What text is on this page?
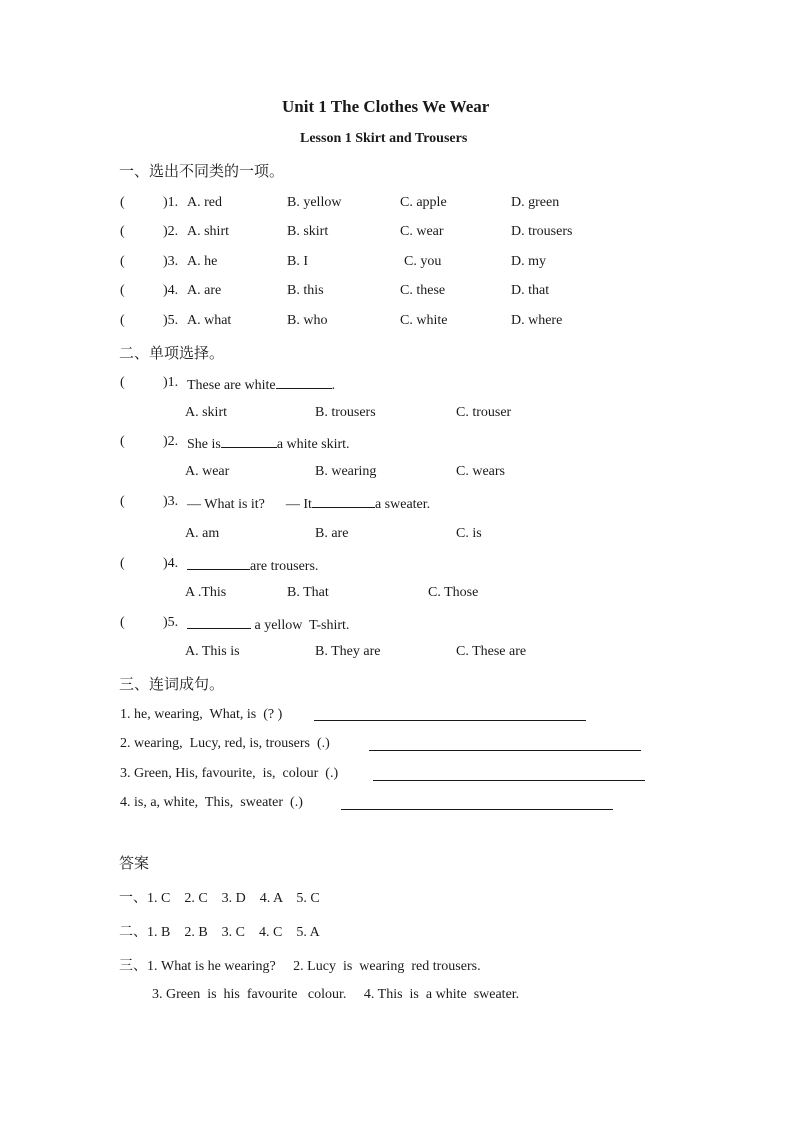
Unit 1 The Clothes We Wear
Lesson 1 Skirt and Trousers
一、选出不同类的一项。
(	)1. A. red	B. yellow	C. apple	D. green
(	)2. A. shirt	B. skirt	C. wear	D. trousers
(	)3. A. he	B. I	C. you	D. my
(	)4. A. are	B. this	C. these	D. that
(	)5. A. what	B. who	C. white	D. where
二、单项选择。
(	)1. These are white	.
A. skirt	B. trousers	C. trouser
(	)2. She is	a white skirt.
A. wear	B. wearing	C. wears
(	)3. — What is it?      — It	a sweater.
A. am	B. are	C. is
(	)4.	are trousers.
A .This	B. That	C. Those
(	)5.	a yellow  T-shirt.
A. This is	B. They are	C. These are
三、连词成句。
1. he, wearing,  What, is  (? )
2. wearing,  Lucy, red, is, trousers  (.)
3. Green, His, favourite,  is,  colour  (.)
4. is, a, white,  This,  sweater  (.)
答案
一、1. C    2. C    3. D    4. A    5. C
二、1. B    2. B    3. C    4. C    5. A
三、1. What is he wearing?     2. Lucy  is  wearing  red trousers.
3. Green  is  his  favourite   colour.     4. This  is  a white  sweater.
